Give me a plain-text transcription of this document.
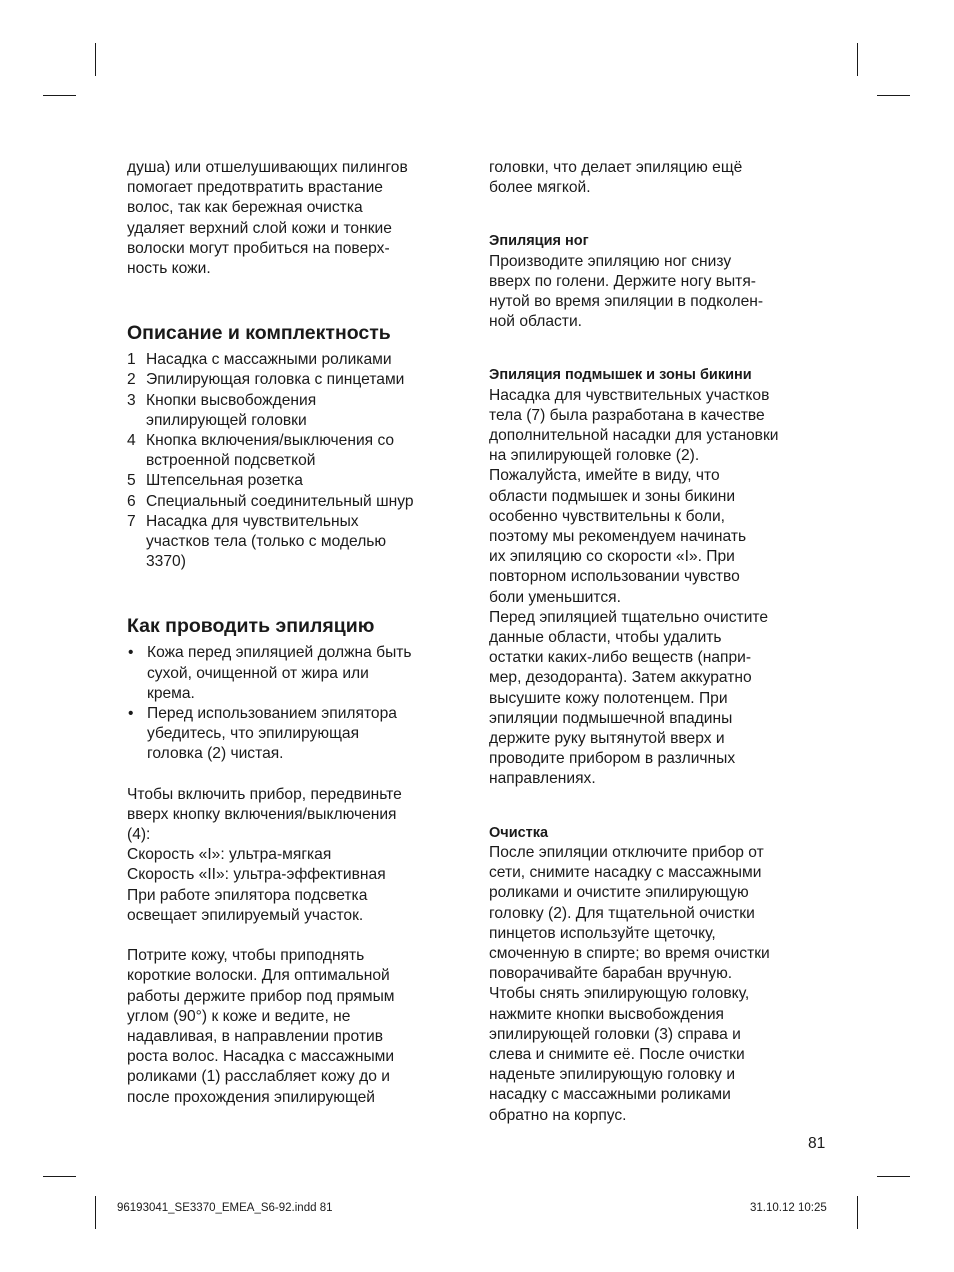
душа) или отшелушивающих пилингов
помогает предотвратить врастание
волос, так как бережная очистка
удаляет верхний слой кожи и тонкие
волоски могут пробиться на поверх-
ность кожи.

Описание и комплектность
1 Насадка с массажными роликами
2 Эпилирующая головка с пинцетами
3 Кнопки высвобождения
эпилирующей головки
4 Кнопка включения/выключения со
встроенной подсветкой
5 Штепсельная розетка
6 Специальный соединительный шнур
7 Насадка для чувствительных
участков тела (только с моделью
3370)
Как проводить эпиляцию
• Кожа перед эпиляцией должна быть
сухой, очищенной от жира или
крема.
• Перед использованием эпилятора
убедитесь, что эпилирующая
головка (2) чистая.

Чтобы включить прибор, передвиньте
вверх кнопку включения/выключения
(4):
Скорость «I»: ультра-мягкая
Скорость «II»: ультра-эффективная
При работе эпилятора подсветка
освещает эпилируемый участок.

Потрите кожу, чтобы приподнять
короткие волоски. Для оптимальной
работы держите прибор под прямым
углом (90°) к коже и ведите, не
надавливая, в направлении против
роста волос. Насадка с массажными
роликами (1) расслабляет кожу до и
после прохождения эпилирующей

головки, что делает эпиляцию ещё
более мягкой.

Эпиляция ног

Производите эпиляцию ног снизу
вверх по голени. Держите ногу вытя-
нутой во время эпиляции в подколен-
ной области.

Эпиляция подмышек и зоны бикини

Насадка для чувствительных участков
тела (7) была разработана в качестве
дополнительной насадки для установки
на эпилирующей головке (2).
Пожалуйста, имейте в виду, что
области подмышек и зоны бикини
особенно чувствительны к боли,
поэтому мы рекомендуем начинать
их эпиляцию со скорости «I». При
повторном использовании чувство
боли уменьшится.
Перед эпиляцией тщательно очистите
данные области, чтобы удалить
остатки каких-либо веществ (напри-
мер, дезодоранта). Затем аккуратно
высушите кожу полотенцем. При
эпиляции подмышечной впадины
держите руку вытянутой вверх и
проводите прибором в различных
направлениях.

Очистка

После эпиляции отключите прибор от
сети, снимите насадку с массажными
роликами и очистите эпилирующую
головку (2). Для тщательной очистки
пинцетов используйте щеточку,
смоченную в спирте; во время очистки
поворачивайте барабан вручную.
Чтобы снять эпилирующую головку,
нажмите кнопки высвобождения
эпилирующей головки (3) справа и
слева и снимите её. После очистки
наденьте эпилирующую головку и
насадку с массажными роликами
обратно на корпус.

81
96193041_SE3370_EMEA_S6-92.indd 81	31.10.12 10:25
